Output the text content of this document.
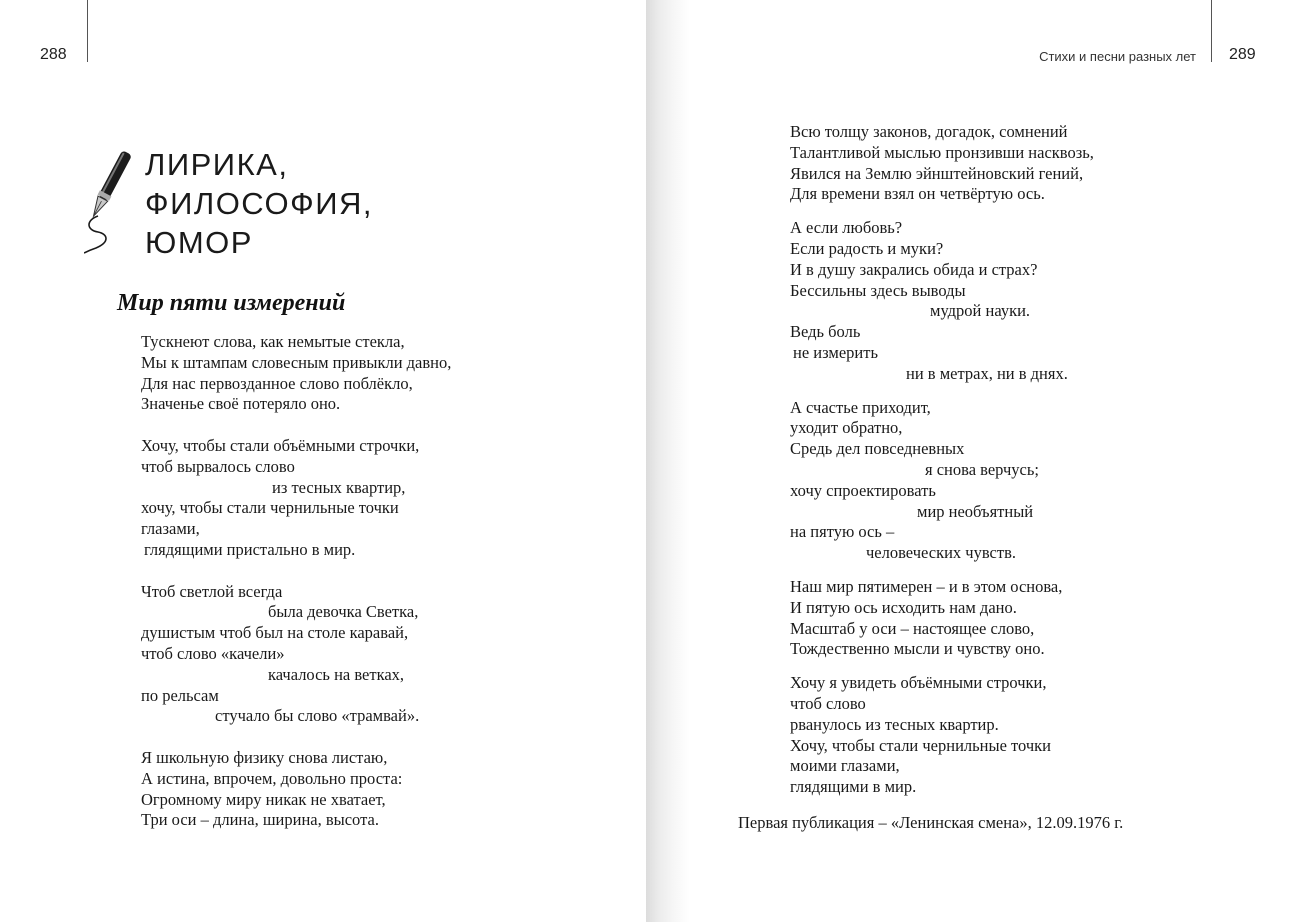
288	Стихи и песни разных лет 289
ЛИРИКА,
ФИЛОСОФИЯ,
ЮМОР
Мир пяти измерений
Тускнеют слова, как немытые стекла,
Мы к штампам словесным привыкли давно,
Для нас первозданное слово поблёкло,
Значенье своё потеряло оно.
Хочу, чтобы стали объёмными строчки,
чтоб вырвалось слово
из тесных квартир,
хочу, чтобы стали чернильные точки
глазами,
глядящими пристально в мир.
Чтоб светлой всегда
была девочка Светка,
душистым чтоб был на столе каравай,
чтоб слово «качели»
качалось на ветках,
по рельсам
стучало бы слово «трамвай».
Я школьную физику снова листаю,
А истина, впрочем, довольно проста:
Огромному миру никак не хватает,
Три оси – длина, ширина, высота.
Всю толщу законов, догадок, сомнений
Талантливой мыслью пронзивши насквозь,
Явился на Землю эйнштейновский гений,
Для времени взял он четвёртую ось.
А если любовь?
Если радость и муки?
И в душу закрались обида и страх?
Бессильны здесь выводы
мудрой науки.
Ведь боль
не измерить
ни в метрах, ни в днях.
А счастье приходит,
уходит обратно,
Средь дел повседневных
я снова верчусь;
хочу спроектировать
мир необъятный
на пятую ось –
человеческих чувств.
Наш мир пятимерен – и в этом основа,
И пятую ось исходить нам дано.
Масштаб у оси – настоящее слово,
Тождественно мысли и чувству оно.
Хочу я увидеть объёмными строчки,
чтоб слово
рванулось из тесных квартир.
Хочу, чтобы стали чернильные точки
моими глазами,
глядящими в мир.
Первая публикация – «Ленинская смена», 12.09.1976 г.
